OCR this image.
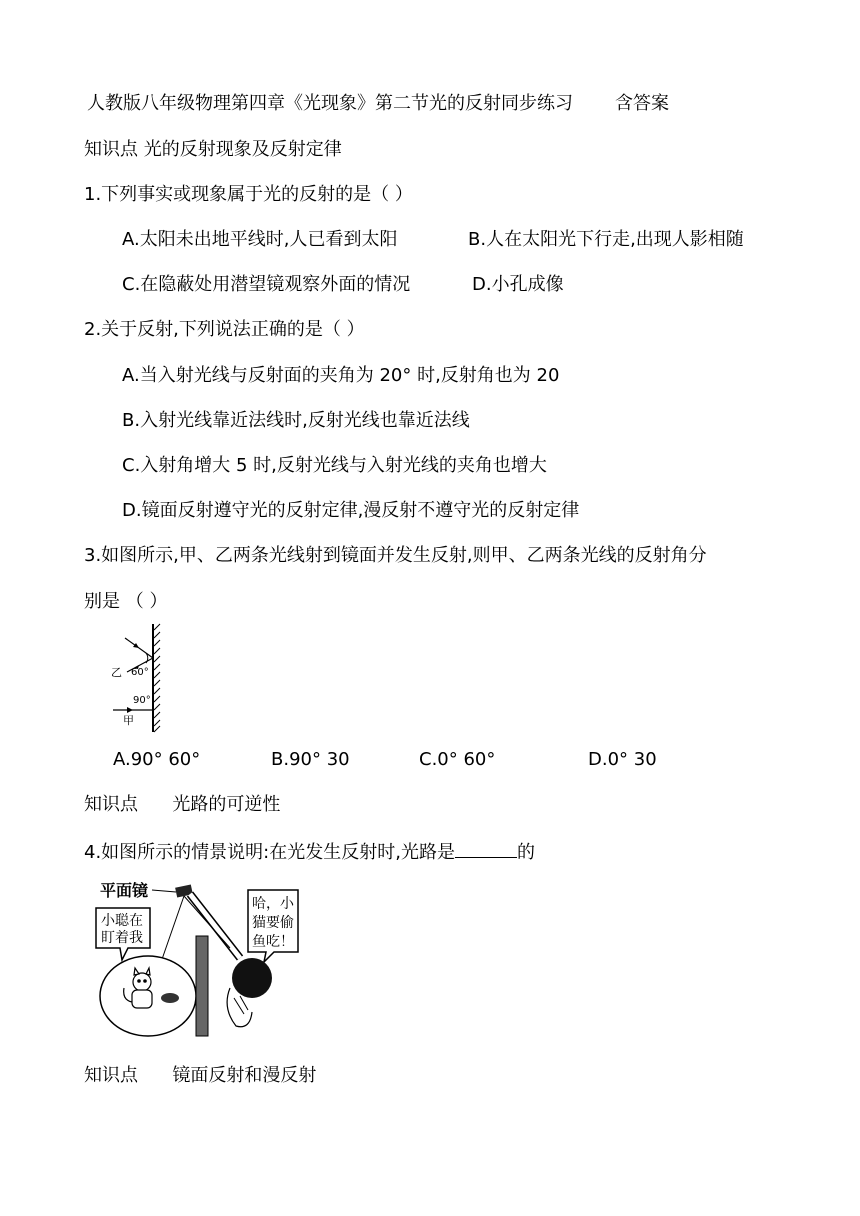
人教版八年级物理第四章《光现象》第二节光的反射同步练习 含答案
知识点 光的反射现象及反射定律
1.下列事实或现象属于光的反射的是（ ）
A.太阳未出地平线时,人已看到太阳	B.人在太阳光下行走,出现人影相随
C.在隐蔽处用潜望镜观察外面的情况	D.小孔成像
2.关于反射,下列说法正确的是（ ）
A.当入射光线与反射面的夹角为 20° 时,反射角也为 20
B.入射光线靠近法线时,反射光线也靠近法线
C.入射角增大 5 时,反射光线与入射光线的夹角也增大
D.镜面反射遵守光的反射定律,漫反射不遵守光的反射定律
3.如图所示,甲、乙两条光线射到镜面并发生反射,则甲、乙两条光线的反射角分
别是 （ ）
乙 60°
90°
甲
A.90° 60°	B.90° 30	C.0° 60°	D.0° 30
知识点      光路的可逆性
4.如图所示的情景说明:在光发生反射时,光路是	的
平面镜
小聪在
盯着我
哈，小
猫要偷
鱼吃！
知识点      镜面反射和漫反射
